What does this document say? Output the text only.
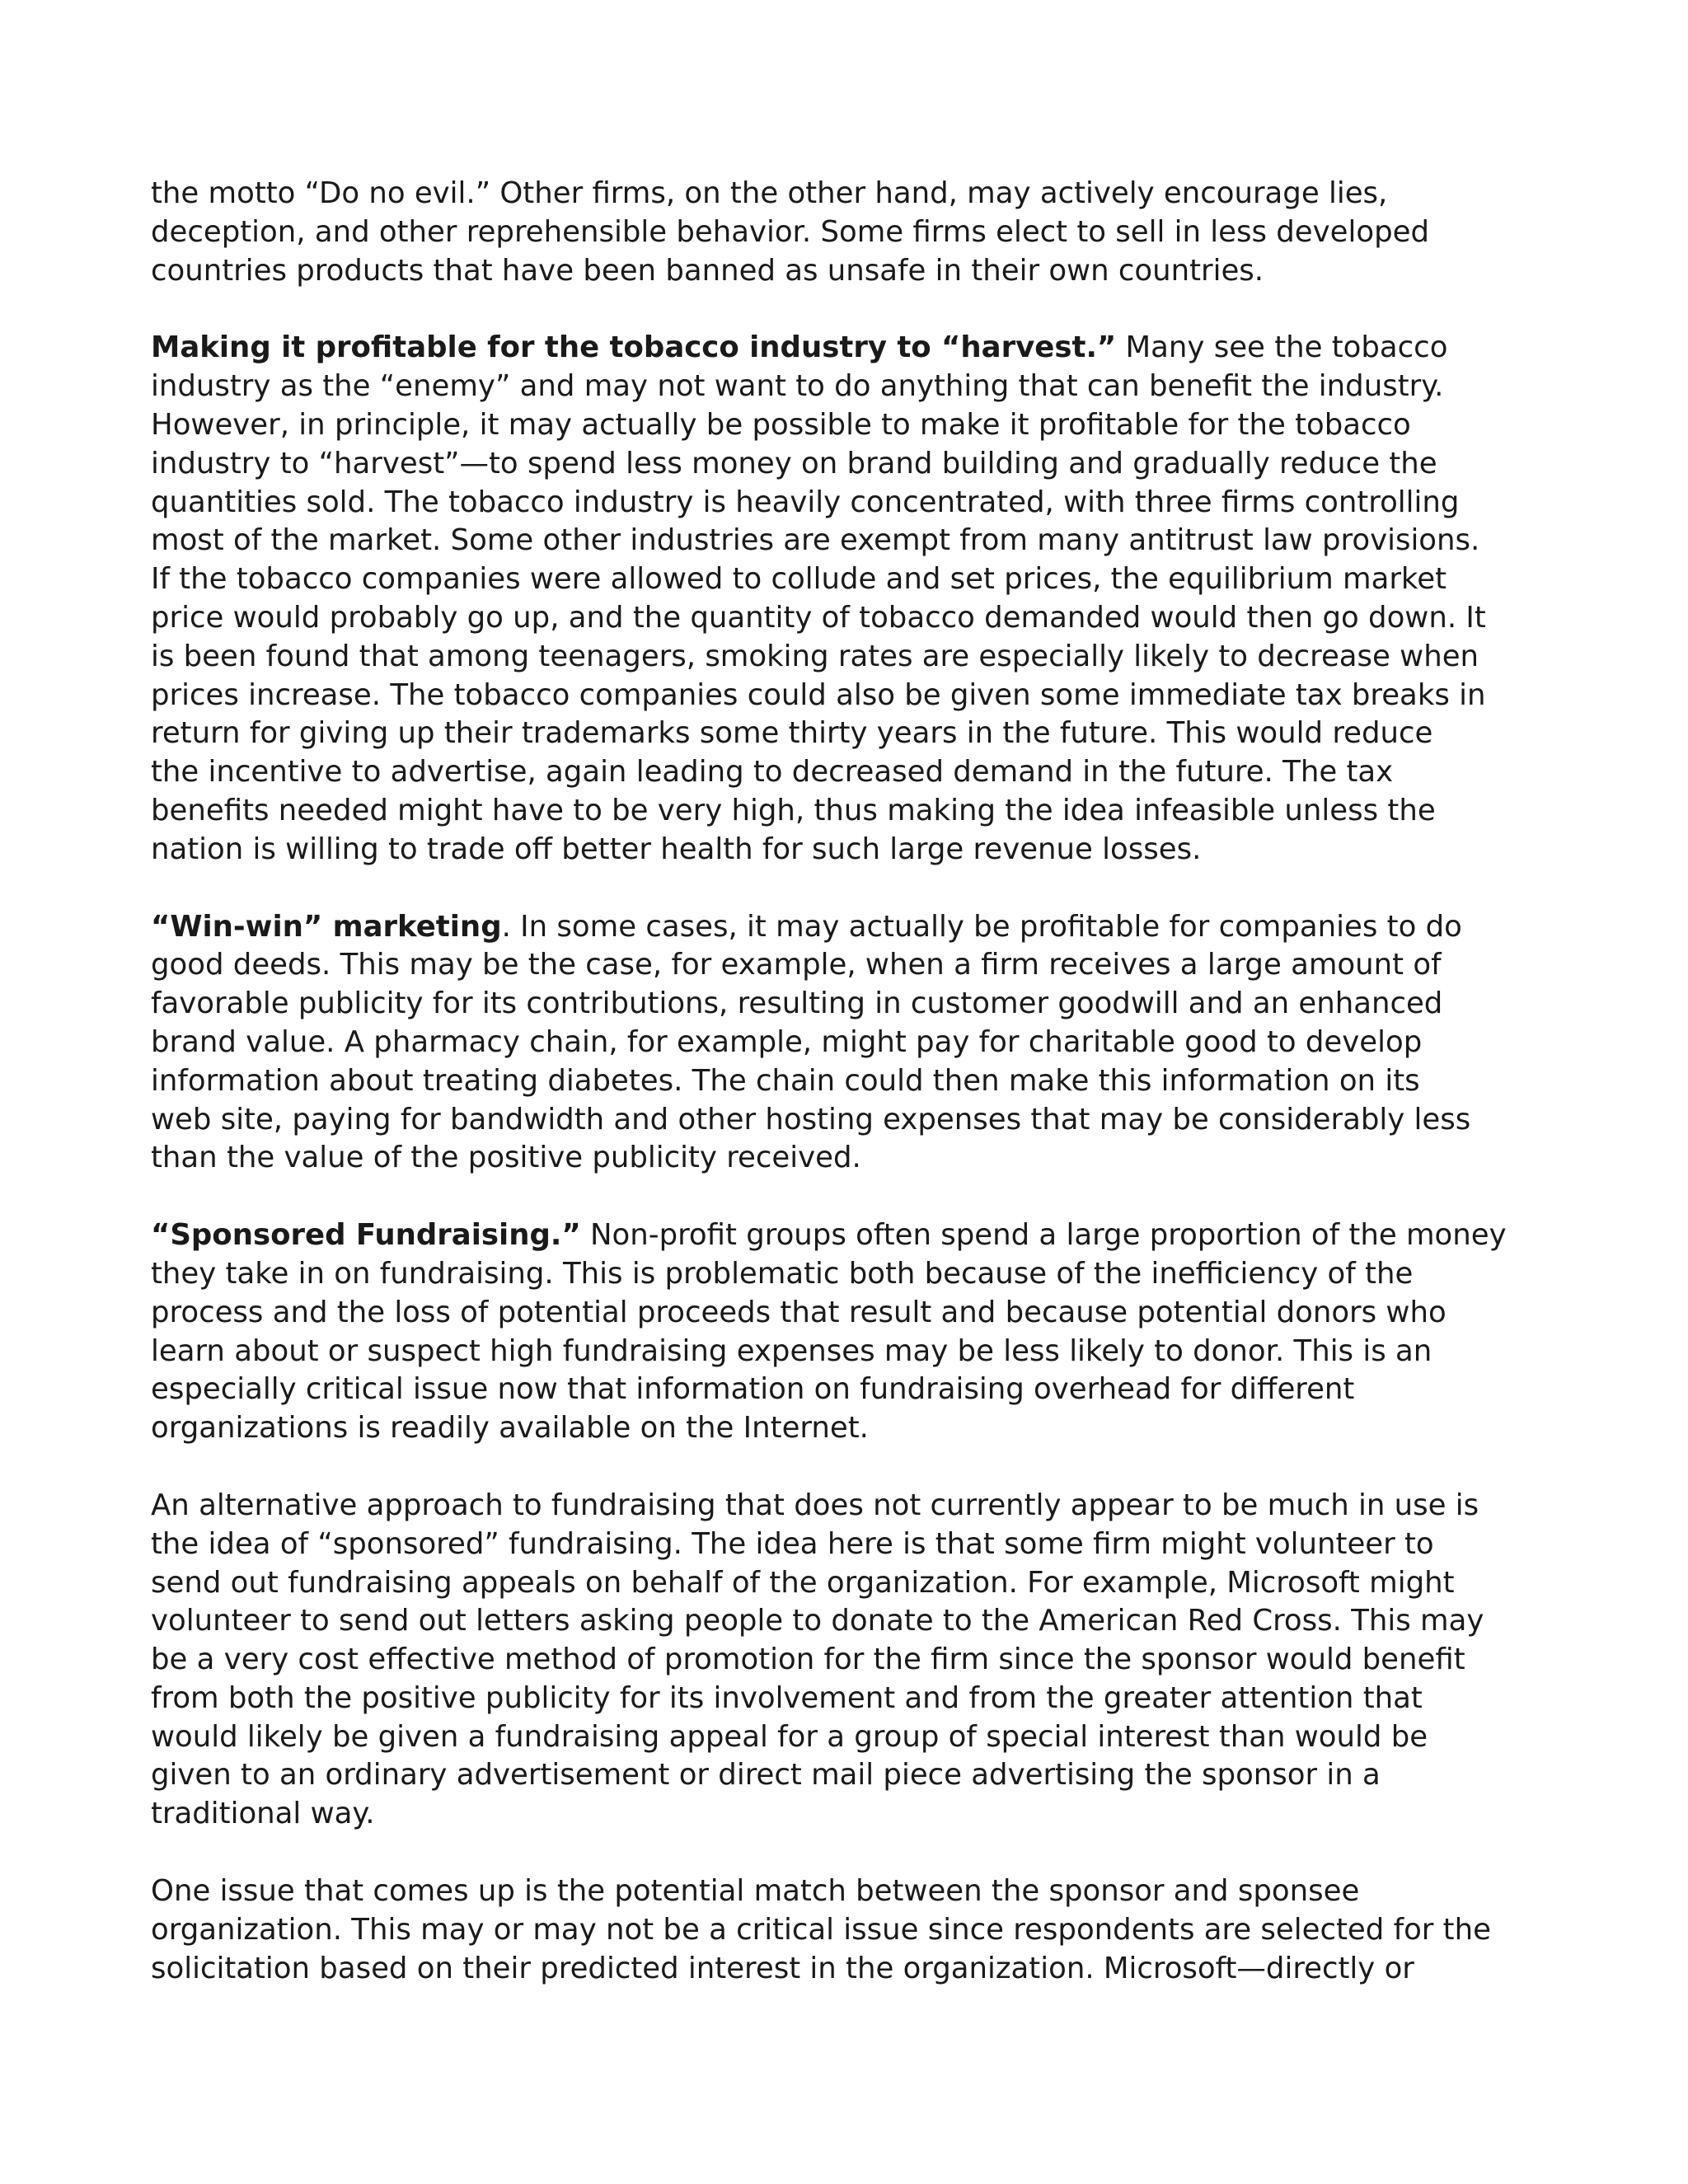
the motto “Do no evil.” Other firms, on the other hand, may actively encourage lies,
deception, and other reprehensible behavior. Some firms elect to sell in less developed
countries products that have been banned as unsafe in their own countries.
Making it profitable for the tobacco industry to “harvest.” Many see the tobacco
industry as the “enemy” and may not want to do anything that can benefit the industry.
However, in principle, it may actually be possible to make it profitable for the tobacco
industry to “harvest”—to spend less money on brand building and gradually reduce the
quantities sold. The tobacco industry is heavily concentrated, with three firms controlling
most of the market. Some other industries are exempt from many antitrust law provisions.
If the tobacco companies were allowed to collude and set prices, the equilibrium market
price would probably go up, and the quantity of tobacco demanded would then go down. It
is been found that among teenagers, smoking rates are especially likely to decrease when
prices increase. The tobacco companies could also be given some immediate tax breaks in
return for giving up their trademarks some thirty years in the future. This would reduce
the incentive to advertise, again leading to decreased demand in the future. The tax
benefits needed might have to be very high, thus making the idea infeasible unless the
nation is willing to trade off better health for such large revenue losses.
“Win-win” marketing. In some cases, it may actually be profitable for companies to do
good deeds. This may be the case, for example, when a firm receives a large amount of
favorable publicity for its contributions, resulting in customer goodwill and an enhanced
brand value. A pharmacy chain, for example, might pay for charitable good to develop
information about treating diabetes. The chain could then make this information on its
web site, paying for bandwidth and other hosting expenses that may be considerably less
than the value of the positive publicity received.
“Sponsored Fundraising.” Non-profit groups often spend a large proportion of the money
they take in on fundraising. This is problematic both because of the inefficiency of the
process and the loss of potential proceeds that result and because potential donors who
learn about or suspect high fundraising expenses may be less likely to donor. This is an
especially critical issue now that information on fundraising overhead for different
organizations is readily available on the Internet.
An alternative approach to fundraising that does not currently appear to be much in use is
the idea of “sponsored” fundraising. The idea here is that some firm might volunteer to
send out fundraising appeals on behalf of the organization. For example, Microsoft might
volunteer to send out letters asking people to donate to the American Red Cross. This may
be a very cost effective method of promotion for the firm since the sponsor would benefit
from both the positive publicity for its involvement and from the greater attention that
would likely be given a fundraising appeal for a group of special interest than would be
given to an ordinary advertisement or direct mail piece advertising the sponsor in a
traditional way.
One issue that comes up is the potential match between the sponsor and sponsee
organization. This may or may not be a critical issue since respondents are selected for the
solicitation based on their predicted interest in the organization. Microsoft—directly or
